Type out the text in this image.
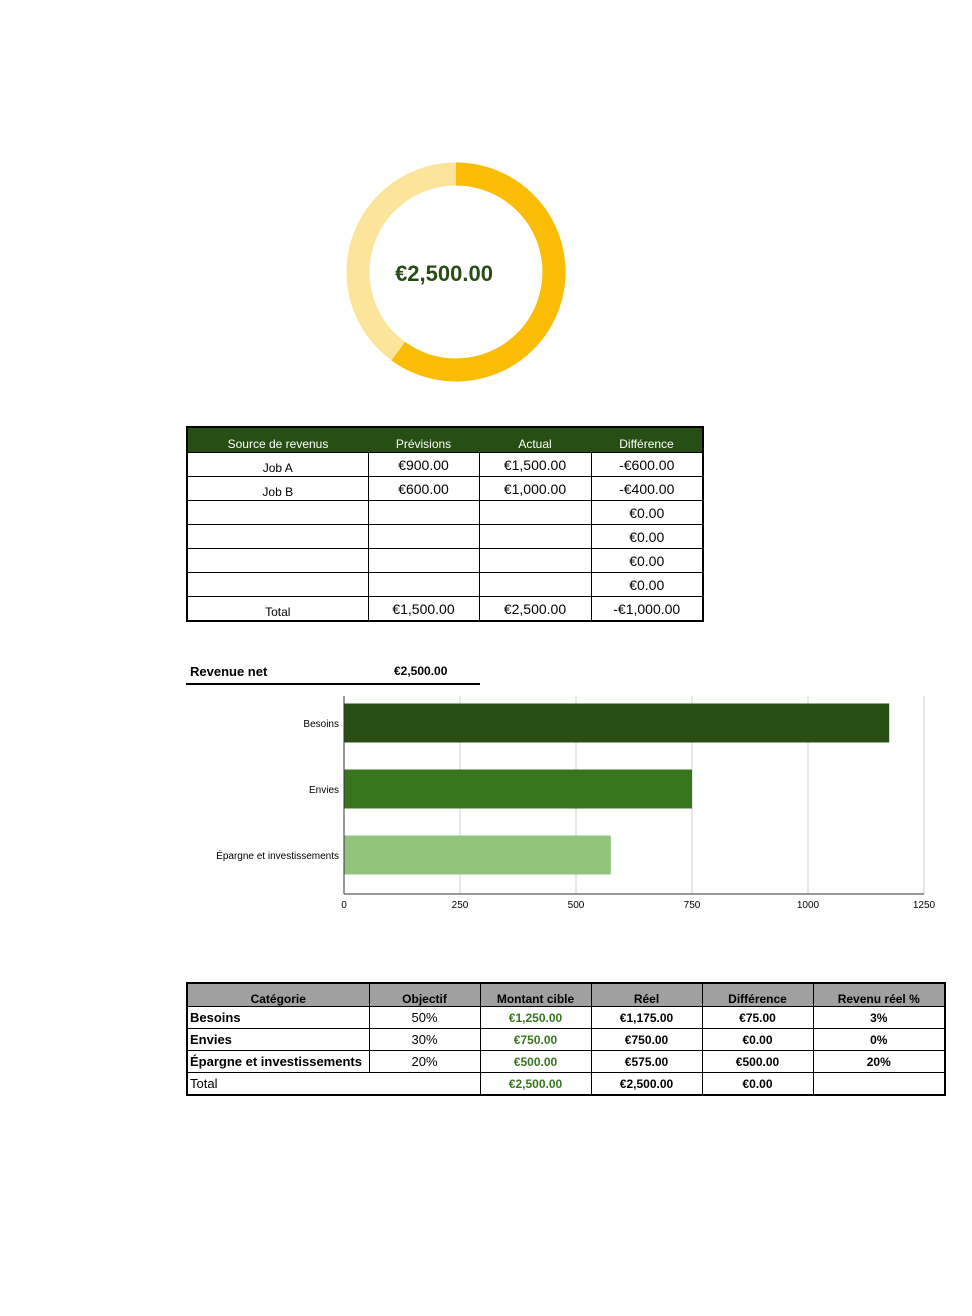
€2,500.00
Source de revenus	Prévisions	Actual	Différence
Job A	€900.00	€1,500.00	-€600.00
Job B	€600.00	€1,000.00	-€400.00
			€0.00
			€0.00
			€0.00
			€0.00
Total	€1,500.00	€2,500.00	-€1,000.00
Revenue net	€2,500.00
Besoins
Envies
Épargne et investissements
0	250	500	750	1000	1250
Catégorie	Objectif	Montant cible	Réel	Différence	Revenu réel %
Besoins	50%	€1,250.00	€1,175.00	€75.00	3%
Envies	30%	€750.00	€750.00	€0.00	0%
Épargne et investissements	20%	€500.00	€575.00	€500.00	20%
Total		€2,500.00	€2,500.00	€0.00	
